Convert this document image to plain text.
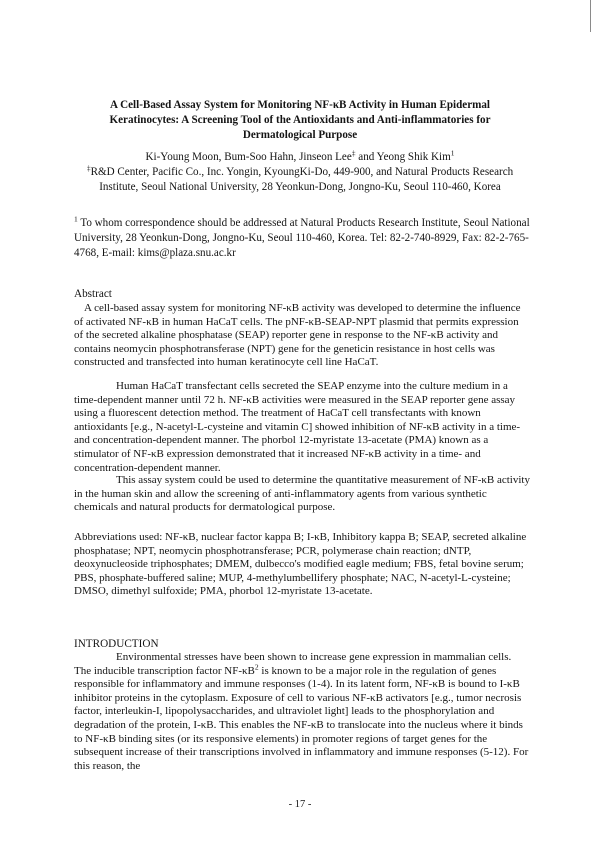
A Cell-Based Assay System for Monitoring NF-κB Activity in Human Epidermal Keratinocytes: A Screening Tool of the Antioxidants and Anti-inflammatories for Dermatological Purpose
Ki-Young Moon, Bum-Soo Hahn, Jinseon Lee‡ and Yeong Shik Kim$^1$
‡R&D Center, Pacific Co., Inc. Yongin, KyoungKi-Do, 449-900, and Natural Products Research Institute, Seoul National University, 28 Yeonkun-Dong, Jongno-Ku, Seoul 110-460, Korea
$^1$ To whom correspondence should be addressed at Natural Products Research Institute, Seoul National University, 28 Yeonkun-Dong, Jongno-Ku, Seoul 110-460, Korea. Tel: 82-2-740-8929, Fax: 82-2-765-4768, E-mail: kims@plaza.snu.ac.kr
Abstract
A cell-based assay system for monitoring NF-κB activity was developed to determine the influence of activated NF-κB in human HaCaT cells. The pNF-κB-SEAP-NPT plasmid that permits expression of the secreted alkaline phosphatase (SEAP) reporter gene in response to the NF-κB activity and contains neomycin phosphotransferase (NPT) gene for the geneticin resistance in host cells was constructed and transfected into human keratinocyte cell line HaCaT.
Human HaCaT transfectant cells secreted the SEAP enzyme into the culture medium in a time-dependent manner until 72 h. NF-κB activities were measured in the SEAP reporter gene assay using a fluorescent detection method. The treatment of HaCaT cell transfectants with known antioxidants [e.g., N-acetyl-L-cysteine and vitamin C] showed inhibition of NF-κB activity in a time- and concentration-dependent manner. The phorbol 12-myristate 13-acetate (PMA) known as a stimulator of NF-κB expression demonstrated that it increased NF-κB activity in a time- and concentration-dependent manner.
This assay system could be used to determine the quantitative measurement of NF-κB activity in the human skin and allow the screening of anti-inflammatory agents from various synthetic chemicals and natural products for dermatological purpose.
Abbreviations used: NF-κB, nuclear factor kappa B; I-κB, Inhibitory kappa B; SEAP, secreted alkaline phosphatase; NPT, neomycin phosphotransferase; PCR, polymerase chain reaction; dNTP, deoxynucleoside triphosphates; DMEM, dulbecco's modified eagle medium; FBS, fetal bovine serum; PBS, phosphate-buffered saline; MUP, 4-methylumbellifery phosphate; NAC, N-acetyl-L-cysteine; DMSO, dimethyl sulfoxide; PMA, phorbol 12-myristate 13-acetate.
INTRODUCTION
Environmental stresses have been shown to increase gene expression in mammalian cells. The inducible transcription factor $NF-\kappa B^2$ is known to be a major role in the regulation of genes responsible for inflammatory and immune responses (1-4). In its latent form, NF-κB is bound to I-κB inhibitor proteins in the cytoplasm. Exposure of cell to various NF-κB activators [e.g., tumor necrosis factor, interleukin-I, lipopolysaccharides, and ultraviolet light] leads to the phosphorylation and degradation of the protein, I-κB. This enables the NF-κB to translocate into the nucleus where it binds to NF-κB binding sites (or its responsive elements) in promoter regions of target genes for the subsequent increase of their transcriptions involved in inflammatory and immune responses (5-12). For this reason, the
- 17 -
